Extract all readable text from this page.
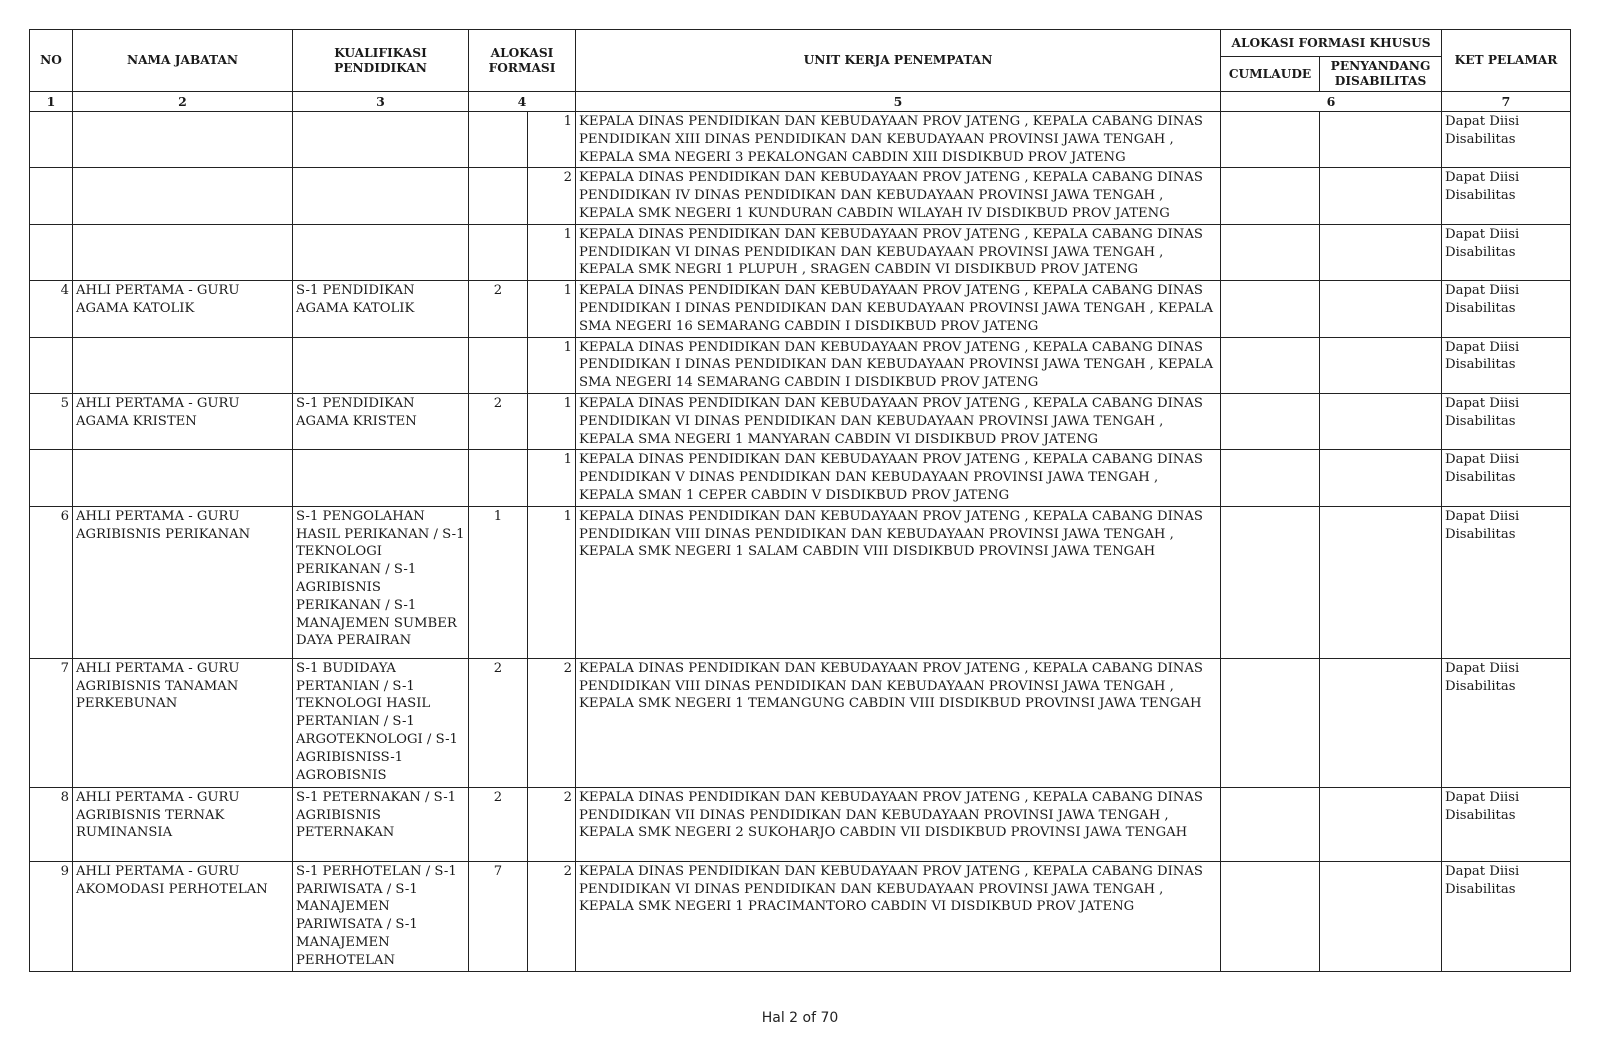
NO	NAMA JABATAN	KUALIFIKASI PENDIDIKAN	ALOKASI FORMASI		UNIT KERJA PENEMPATAN	ALOKASI FORMASI KHUSUS		KET PELAMAR
						CUMLAUDE	PENYANDANG DISABILITAS	
1	2	3	4		5	6		7
				1	KEPALA DINAS PENDIDIKAN DAN KEBUDAYAAN PROV JATENG , KEPALA CABANG DINAS PENDIDIKAN XIII DINAS PENDIDIKAN DAN KEBUDAYAAN PROVINSI JAWA TENGAH , KEPALA SMA NEGERI 3 PEKALONGAN CABDIN XIII DISDIKBUD PROV JATENG			Dapat Diisi Disabilitas
				2	KEPALA DINAS PENDIDIKAN DAN KEBUDAYAAN PROV JATENG , KEPALA CABANG DINAS PENDIDIKAN IV DINAS PENDIDIKAN DAN KEBUDAYAAN PROVINSI JAWA TENGAH , KEPALA SMK NEGERI 1 KUNDURAN CABDIN WILAYAH IV DISDIKBUD PROV JATENG			Dapat Diisi Disabilitas
				1	KEPALA DINAS PENDIDIKAN DAN KEBUDAYAAN PROV JATENG , KEPALA CABANG DINAS PENDIDIKAN VI DINAS PENDIDIKAN DAN KEBUDAYAAN PROVINSI JAWA TENGAH , KEPALA SMK NEGRI 1 PLUPUH , SRAGEN CABDIN VI DISDIKBUD PROV JATENG			Dapat Diisi Disabilitas
4	AHLI PERTAMA - GURU AGAMA KATOLIK	S-1 PENDIDIKAN AGAMA KATOLIK	2	1	KEPALA DINAS PENDIDIKAN DAN KEBUDAYAAN PROV JATENG , KEPALA CABANG DINAS PENDIDIKAN I DINAS PENDIDIKAN DAN KEBUDAYAAN PROVINSI JAWA TENGAH , KEPALA SMA NEGERI 16 SEMARANG CABDIN I DISDIKBUD PROV JATENG			Dapat Diisi Disabilitas
				1	KEPALA DINAS PENDIDIKAN DAN KEBUDAYAAN PROV JATENG , KEPALA CABANG DINAS PENDIDIKAN I DINAS PENDIDIKAN DAN KEBUDAYAAN PROVINSI JAWA TENGAH , KEPALA SMA NEGERI 14 SEMARANG CABDIN I DISDIKBUD PROV JATENG			Dapat Diisi Disabilitas
5	AHLI PERTAMA - GURU AGAMA KRISTEN	S-1 PENDIDIKAN AGAMA KRISTEN	2	1	KEPALA DINAS PENDIDIKAN DAN KEBUDAYAAN PROV JATENG , KEPALA CABANG DINAS PENDIDIKAN VI DINAS PENDIDIKAN DAN KEBUDAYAAN PROVINSI JAWA TENGAH , KEPALA SMA NEGERI 1 MANYARAN CABDIN VI DISDIKBUD PROV JATENG			Dapat Diisi Disabilitas
				1	KEPALA DINAS PENDIDIKAN DAN KEBUDAYAAN PROV JATENG , KEPALA CABANG DINAS PENDIDIKAN V DINAS PENDIDIKAN DAN KEBUDAYAAN PROVINSI JAWA TENGAH , KEPALA SMAN 1 CEPER CABDIN V DISDIKBUD PROV JATENG			Dapat Diisi Disabilitas
6	AHLI PERTAMA - GURU AGRIBISNIS PERIKANAN	S-1 PENGOLAHAN HASIL PERIKANAN / S-1 TEKNOLOGI PERIKANAN / S-1 AGRIBISNIS PERIKANAN / S-1 MANAJEMEN SUMBER DAYA PERAIRAN	1	1	KEPALA DINAS PENDIDIKAN DAN KEBUDAYAAN PROV JATENG , KEPALA CABANG DINAS PENDIDIKAN VIII DINAS PENDIDIKAN DAN KEBUDAYAAN PROVINSI JAWA TENGAH , KEPALA SMK NEGERI 1 SALAM CABDIN VIII DISDIKBUD PROVINSI JAWA TENGAH			Dapat Diisi Disabilitas
7	AHLI PERTAMA - GURU AGRIBISNIS TANAMAN PERKEBUNAN	S-1 BUDIDAYA PERTANIAN / S-1 TEKNOLOGI HASIL PERTANIAN / S-1 ARGOTEKNOLOGI / S-1 AGRIBISNISS-1 AGROBISNIS	2	2	KEPALA DINAS PENDIDIKAN DAN KEBUDAYAAN PROV JATENG , KEPALA CABANG DINAS PENDIDIKAN VIII DINAS PENDIDIKAN DAN KEBUDAYAAN PROVINSI JAWA TENGAH , KEPALA SMK NEGERI 1 TEMANGUNG CABDIN VIII DISDIKBUD PROVINSI JAWA TENGAH			Dapat Diisi Disabilitas
8	AHLI PERTAMA - GURU AGRIBISNIS TERNAK RUMINANSIA	S-1 PETERNAKAN / S-1 AGRIBISNIS PETERNAKAN	2	2	KEPALA DINAS PENDIDIKAN DAN KEBUDAYAAN PROV JATENG , KEPALA CABANG DINAS PENDIDIKAN VII DINAS PENDIDIKAN DAN KEBUDAYAAN PROVINSI JAWA TENGAH , KEPALA SMK NEGERI 2 SUKOHARJO CABDIN VII DISDIKBUD PROVINSI JAWA TENGAH			Dapat Diisi Disabilitas
9	AHLI PERTAMA - GURU AKOMODASI PERHOTELAN	S-1 PERHOTELAN / S-1 PARIWISATA / S-1 MANAJEMEN PARIWISATA / S-1 MANAJEMEN PERHOTELAN	7	2	KEPALA DINAS PENDIDIKAN DAN KEBUDAYAAN PROV JATENG , KEPALA CABANG DINAS PENDIDIKAN VI DINAS PENDIDIKAN DAN KEBUDAYAAN PROVINSI JAWA TENGAH , KEPALA SMK NEGERI 1 PRACIMANTORO CABDIN VI DISDIKBUD PROV JATENG			Dapat Diisi Disabilitas
Hal 2 of 70
